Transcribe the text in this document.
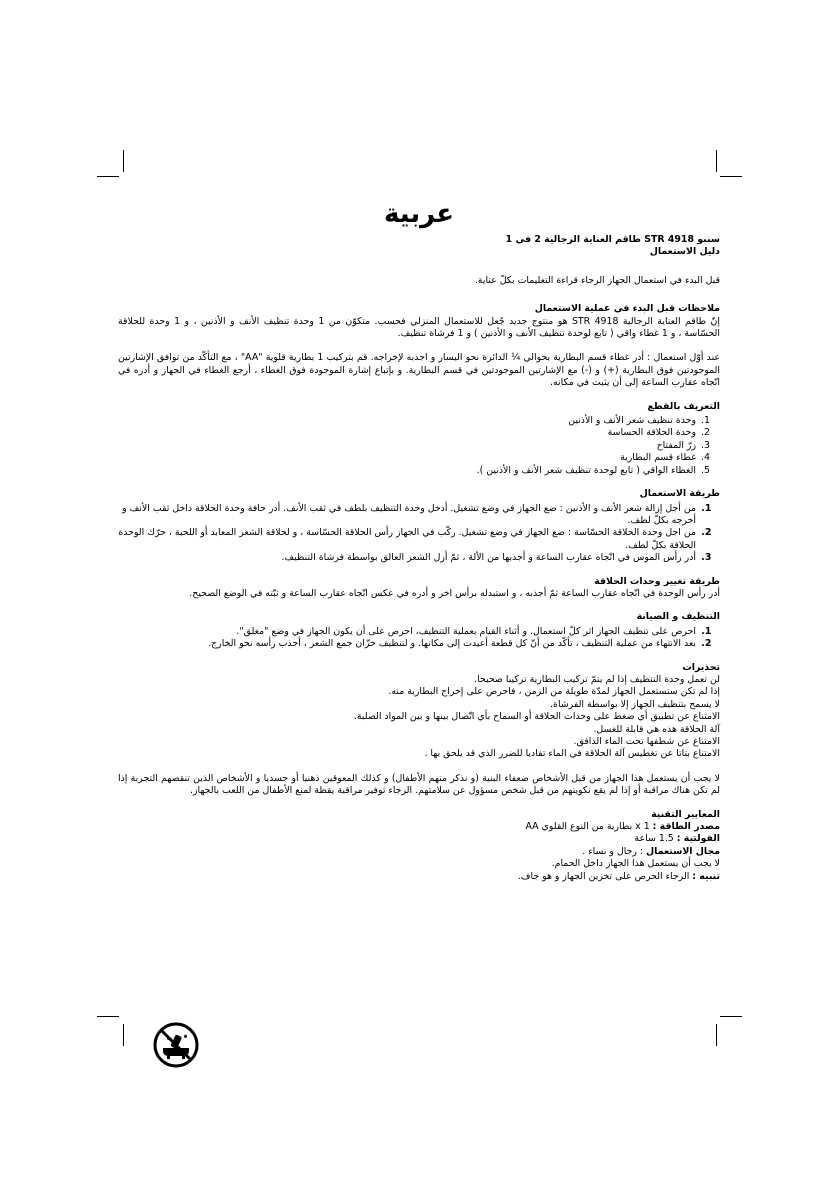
عربية

سنبو STR 4918 طاقم العناية الرجالية 2 في 1

دليل الاستعمال

قبل البدء في استعمال الجهاز الرجاء قراءة التعليمات بكلّ عناية.

ملاحظات قبل البدء في عملية الاستعمال

إنّ طاقم العناية الرجالية STR 4918 هو منتوج جديد جُعل للاستعمال المنزلي فحسب. متكوّن من 1 وحدة تنظيف الأنف و الأذنين ، و 1 وحدة للحلاقة الحسّاسة ، و 1 غطاء واقي ( تابع لوحدة تنظيف الأنف و الأذنين ) و 1 فرشاة تنظيف.

عند أوّل استعمال : أدر غطاء قسم البطارية بحوالي ¼ الدائرة نحو اليسار و اجذبه لإخراجه. قم بتركيب 1 بطارية قلوية "AA" ، مع التأكّد من توافق الإشارتين الموجودتين فوق البطارية (+) و (-) مع الإشارتين الموجودتين في قسم البطارية. و بإتباع إشارة الموجودة فوق الغطاء ، أرجع الغطاء في الجهاز و أدره في اتّجاه عقارب الساعة إلى أن يثبت في مكانه.

التعريف بالقطع

1. وحدة تنظيف شعر الأنف و الأذنين
2. وحدة الحلاقة الحساسة
3. زرّ المفتاح
4. غطاء قسم البطارية
5. الغطاء الواقي ( تابع لوحدة تنظيف شعر الأنف و الأذنين ).

طريقة الاستعمال

1. من أجل إزالة شعر الأنف و الأذنين : ضع الجهاز في وضع تشغيل. أدخل وحدة التنظيف بلطف في ثقب الأنف. أدر حافة وحدة الحلاقة داخل ثقب الأنف و أخرجه بكلّ لطف.
2. من اجل وحدة الحلاقة الحسّاسة : ضع الجهاز في وضع تشغيل. ركّب في الجهاز رأس الحلاقة الحسّاسة ، و لحلاقة الشعر المعابد أو اللحية ، حرّك الوحدة الحلاقة بكلّ لطف.
3. أدر رأس الموس في اتّجاه عقارب الساعة و أجذبها من الألة ، ثمّ أزل الشعر العالق بواسطة فرشاة التنظيف.

طريقة تغيير وحدات الحلاقة

أدر رأس الوحدة في اتّجاه عقارب الساعة ثمّ أجذبه ، و استبدله برأس اخر و أدره في عكس اتّجاه عقارب الساعة و ثبّته في الوضع الصحيح.

التنظيف و الصيانة

1. احرص على تنظيف الجهاز اثر كلّ استعمال. و أثناء القيام بعملية التنظيف، احرص على أن يكون الجهاز في وضع "مغلق".
2. بعد الانتهاء من عملية التنظيف ، تأكّد من أنّ كل قطعة أعيدت إلى مكانها. و لتنظيف خزّان جمع الشعر ، أجذب رأسه نحو الخارج.

تحذيرات

لن تعمل وحدة التنظيف إذا لم يتمّ تركيب البطارية تركيبا صحيحا.

إذا لم تكن ستستعمل الجهاز لمدّة طويلة من الزمن ، فاحرص على إخراج البطارية منه.

لا يسمح بتنظيف الجهاز إلا بواسطة الفرشاة.

الامتناع عن تطبيق أي ضغط على وحدات الحلاقة أو السماح بأي اتّصال بينها و بين المواد الصلبة.

آلة الحلاقة هذه هي قابلة للغسل.

الامتناع عن شطفها تحت الماء الدافق.

الامتناع بتاتا عن تغطيس آلة الحلاقة في الماء تفاديا للضرر الذي قد يلحق بها .

لا يجب أن يستعمل هذا الجهاز من قبل الأشخاص ضعفاء البنية (و نذكر منهم الأطفال) و كذلك المعوقين ذهنيا أو جسديا و الأشخاص الذين تنقصهم التجربة إذا لم تكن هناك مراقبة أو إذا لم يقع تكوينهم من قبل شخص مسؤول عن سلامتهم. الرجاء توفير مراقبة يقظة لمنع الأطفال من اللعب بالجهاز.

المعايير التقنية

مصدر الطاقة : 1 x بطارية من النوع القلوي AA

الفولتية : 1.5 ساعة

مجال الاستعمال : رجال و نساء .

لا يجب أن يستعمل هذا الجهاز داخل الحمام.

تنبيه : الرجاء الحرص على تخزين الجهاز و هو جاف.
